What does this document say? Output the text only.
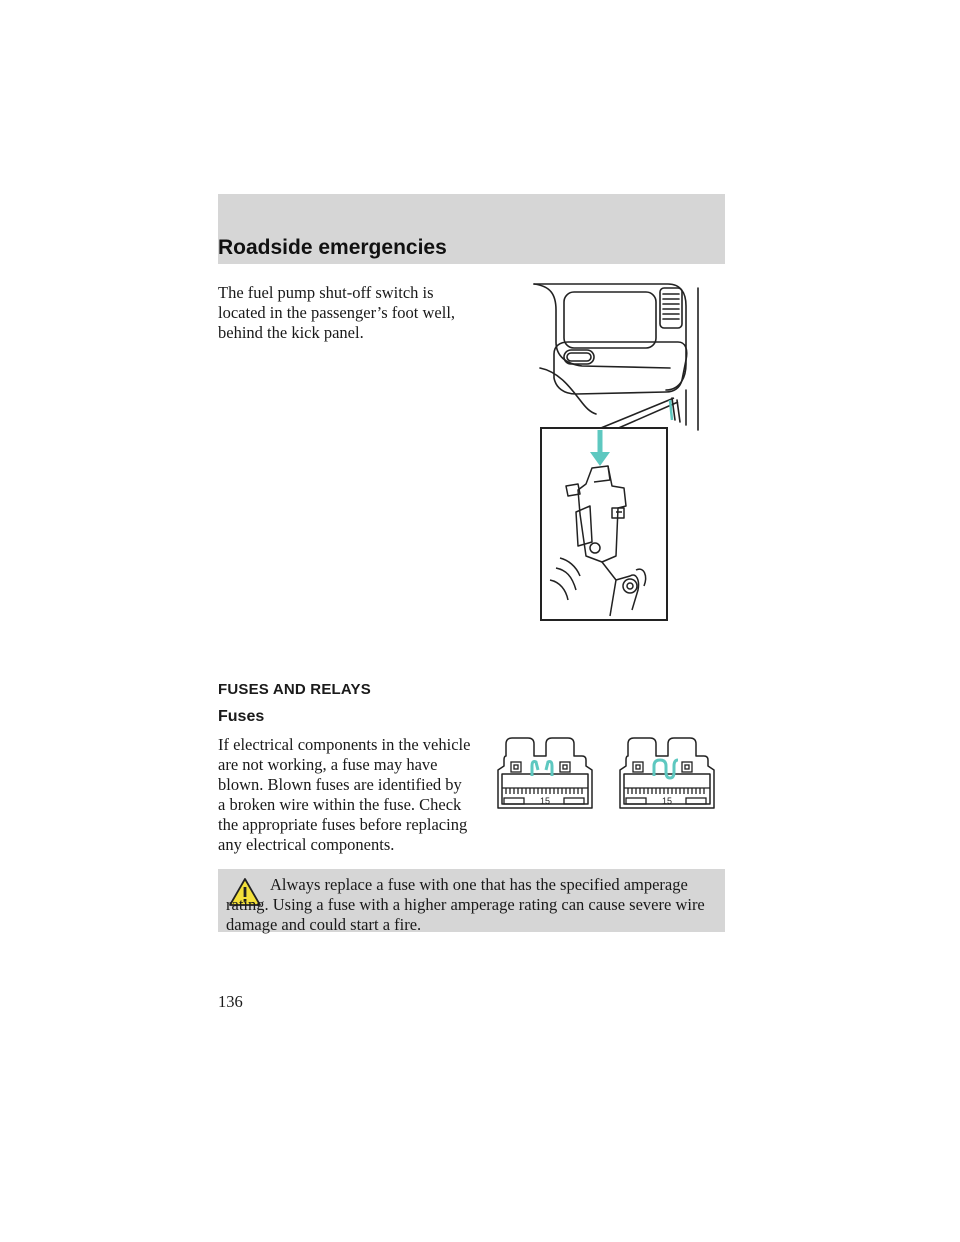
Roadside emergencies
The fuel pump shut-off switch is located in the passenger’s foot well, behind the kick panel.
FUSES AND RELAYS
Fuses
If electrical components in the vehicle are not working, a fuse may have blown. Blown fuses are identified by a broken wire within the fuse. Check the appropriate fuses before replacing any electrical components.
15	15
Always replace a fuse with one that has the specified amperage rating. Using a fuse with a higher amperage rating can cause severe wire damage and could start a fire.
136
